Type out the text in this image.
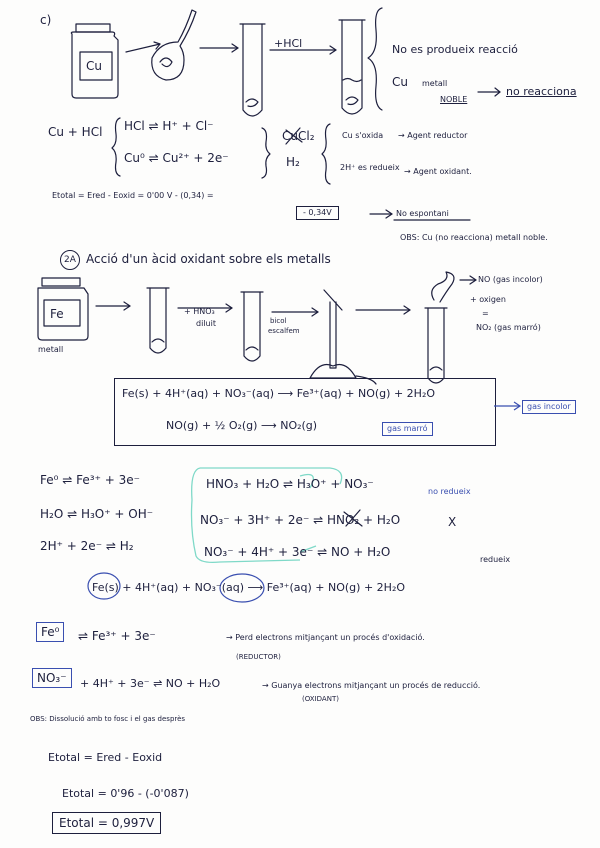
c)
Cu
+HCl	No es produeix reacció
Cu metall
NOBLE
no reacciona
Cu + HCl HCl ⇌ H⁺ + Cl⁻
Cu⁰ ⇌ Cu²⁺ + 2e⁻
CuCl₂
H₂
Cu s'oxida → Agent reductor
2H⁺ es redueix → Agent oxidant.
Etotal = Ered - Eoxid = 0'00 V - (0,34) =
- 0,34V	No espontani
OBS: Cu (no reacciona) metall noble.
2A Acció d'un àcid oxidant sobre els metalls
Fe
metall
+ HNO₃
diluit	bicol
escalfem
NO (gas incolor)
+ oxigen
=
NO₂ (gas marró)
Fe(s) + 4H⁺(aq) + NO₃⁻(aq) ⟶ Fe³⁺(aq) + NO(g) + 2H₂O
gas incolor
NO(g) + ½ O₂(g) ⟶ NO₂(g)	gas marró
Fe⁰ ⇌ Fe³⁺ + 3e⁻
H₂O ⇌ H₃O⁺ + OH⁻
2H⁺ + 2e⁻ ⇌ H₂
HNO₃ + H₂O ⇌ H₃O⁺ + NO₃⁻
no redueix
NO₃⁻ + 3H⁺ + 2e⁻ ⇌ HNO₂ + H₂O	X
NO₃⁻ + 4H⁺ + 3e⁻ ⇌ NO + H₂O
redueix
Fe(s) + 4H⁺(aq) + NO₃⁻(aq) ⟶ Fe³⁺(aq) + NO(g) + 2H₂O
Fe⁰	⇌ Fe³⁺ + 3e⁻	→ Perd electrons mitjançant un procés d'oxidació.
(REDUCTOR)
NO₃⁻	+ 4H⁺ + 3e⁻ ⇌ NO + H₂O	→ Guanya electrons mitjançant un procés de reducció.
(OXIDANT)
OBS: Dissolució amb to fosc i el gas desprès
Etotal = Ered - Eoxid
Etotal = 0'96 - (-0'087)
Etotal = 0,997V
